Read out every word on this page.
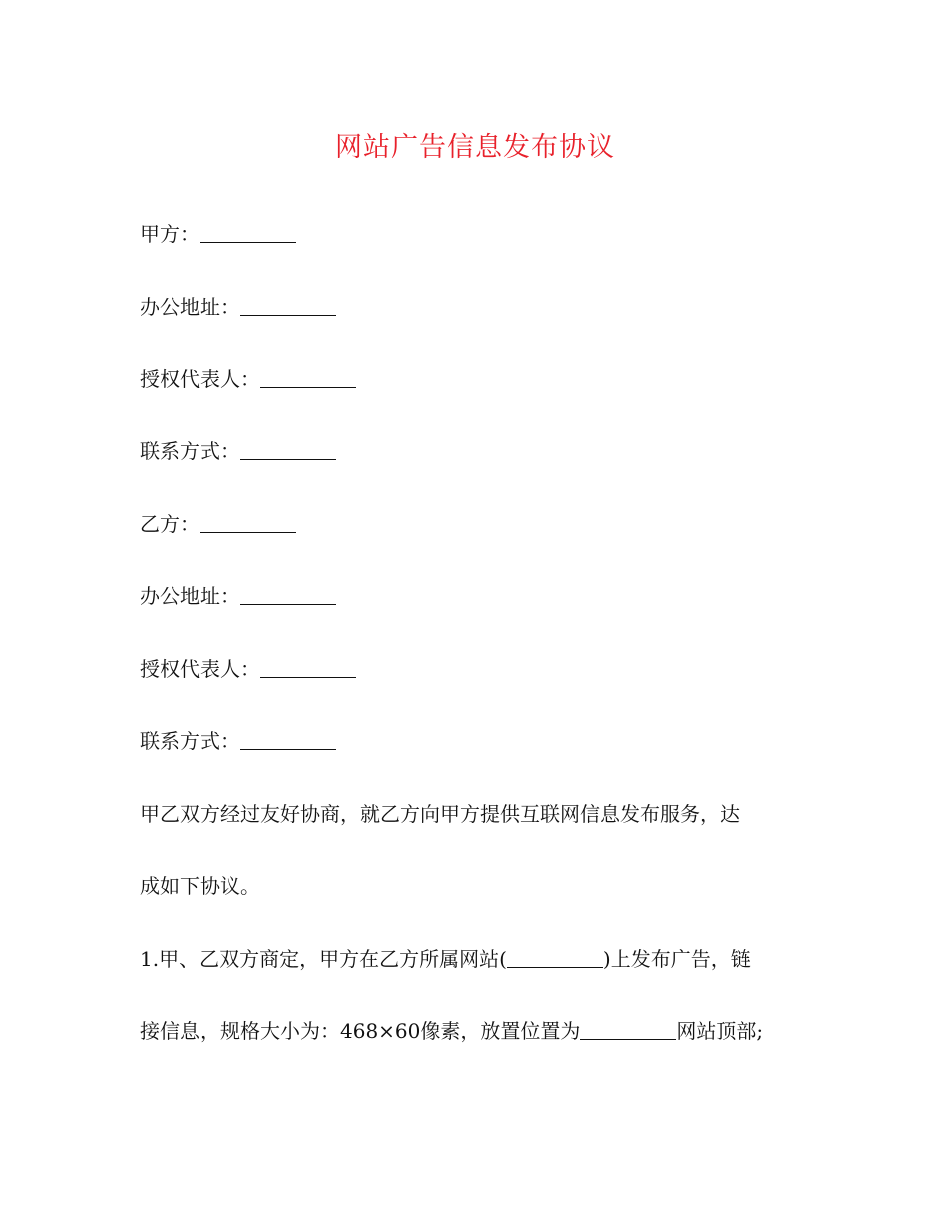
网站广告信息发布协议

甲方：

办公地址：

授权代表人：

联系方式：

乙方：

办公地址：

授权代表人：

联系方式：

甲乙双方经过友好协商，就乙方向甲方提供互联网信息发布服务，达

成如下协议。

1.甲、乙双方商定，甲方在乙方所属网站(	)上发布广告，链

接信息，规格大小为：468×60像素，放置位置为	网站顶部;
